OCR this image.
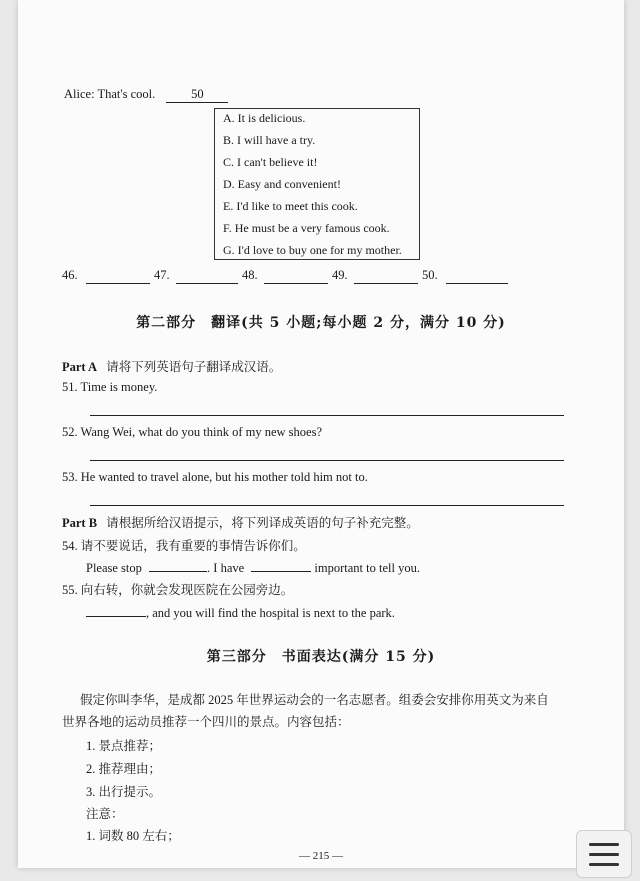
Alice: That's cool.	50
A. It is delicious.
B. I will have a try.
C. I can't believe it!
D. Easy and convenient!
E. I'd like to meet this cook.
F. He must be a very famous cook.
G. I'd love to buy one for my mother.
46.	47.	48.	49.	50.
第二部分　翻译(共 5 小题;每小题 2 分，满分 10 分)
Part A 请将下列英语句子翻译成汉语。
51. Time is money.
52. Wang Wei, what do you think of my new shoes?
53. He wanted to travel alone, but his mother told him not to.
Part B 请根据所给汉语提示，将下列译成英语的句子补充完整。
54. 请不要说话，我有重要的事情告诉你们。
Please stop	. I have	important to tell you.
55. 向右转，你就会发现医院在公园旁边。
, and you will find the hospital is next to the park.
第三部分　书面表达(满分 15 分)
假定你叫李华，是成都 2025 年世界运动会的一名志愿者。组委会安排你用英文为来自
世界各地的运动员推荐一个四川的景点。内容包括：
1. 景点推荐；
2. 推荐理由；
3. 出行提示。
注意：
1. 词数 80 左右；
— 215 —
